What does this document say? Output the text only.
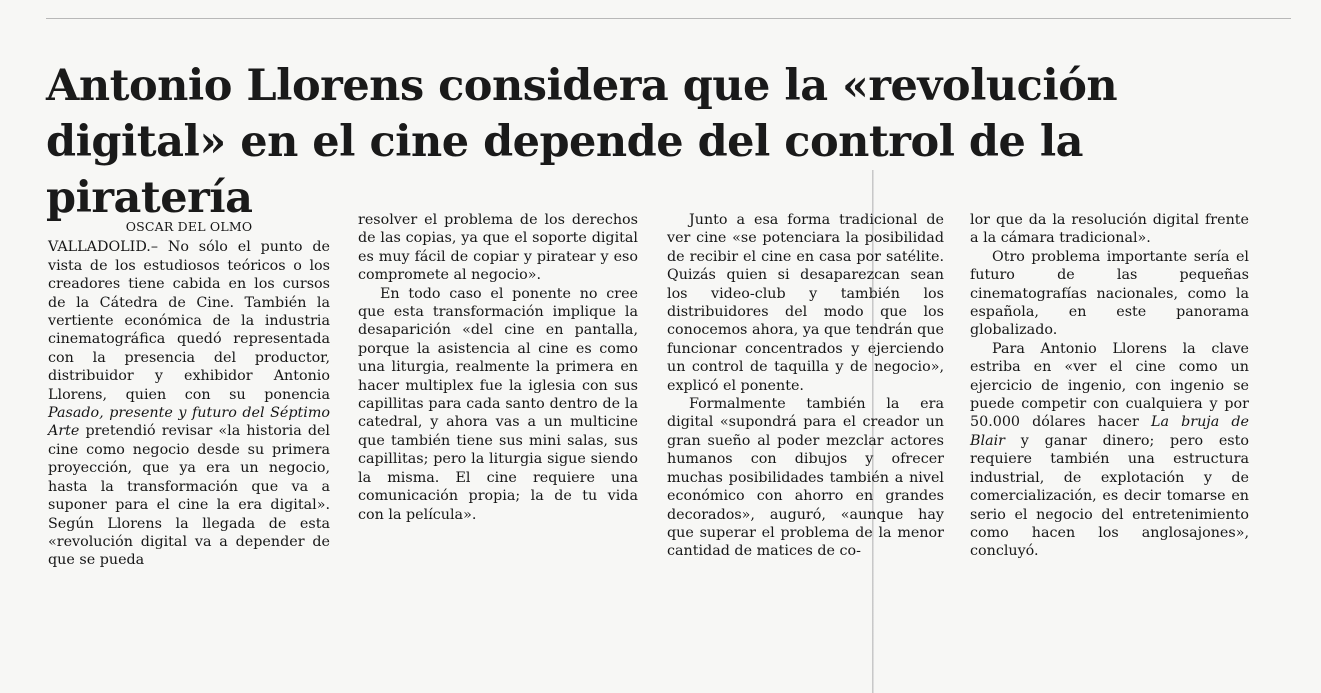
Antonio Llorens considera que la «revolución digital» en el cine depende del control de la piratería
OSCAR DEL OLMO

VALLADOLID.– No sólo el punto de vista de los estudiosos teóricos o los creadores tiene cabida en los cursos de la Cátedra de Cine. También la vertiente económica de la industria cinematográfica quedó representada con la presencia del productor, distribuidor y exhibidor Antonio Llorens, quien con su ponencia Pasado, presente y futuro del Séptimo Arte pretendió revisar «la historia del cine como negocio desde su primera proyección, que ya era un negocio, hasta la transformación que va a suponer para el cine la era digital». Según Llorens la llegada de esta «revolución digital va a depender de que se pueda

resolver el problema de los derechos de las copias, ya que el soporte digital es muy fácil de copiar y piratear y eso compromete al negocio».

En todo caso el ponente no cree que esta transformación implique la desaparición «del cine en pantalla, porque la asistencia al cine es como una liturgia, realmente la primera en hacer multiplex fue la iglesia con sus capillitas para cada santo dentro de la catedral, y ahora vas a un multicine que también tiene sus mini salas, sus capillitas; pero la liturgia sigue siendo la misma. El cine requiere una comunicación propia; la de tu vida con la película».

Junto a esa forma tradicional de ver cine «se potenciara la posibilidad de recibir el cine en casa por satélite. Quizás quien si desaparezcan sean los video-club y también los distribuidores del modo que los conocemos ahora, ya que tendrán que funcionar concentrados y ejerciendo un control de taquilla y de negocio», explicó el ponente.

Formalmente también la era digital «supondrá para el creador un gran sueño al poder mezclar actores humanos con dibujos y ofrecer muchas posibilidades también a nivel económico con ahorro en grandes decorados», auguró, «aunque hay que superar el problema de la menor cantidad de matices de co-

lor que da la resolución digital frente a la cámara tradicional».

Otro problema importante sería el futuro de las pequeñas cinematografías nacionales, como la española, en este panorama globalizado.

Para Antonio Llorens la clave estriba en «ver el cine como un ejercicio de ingenio, con ingenio se puede competir con cualquiera y por 50.000 dólares hacer La bruja de Blair y ganar dinero; pero esto requiere también una estructura industrial, de explotación y de comercialización, es decir tomarse en serio el negocio del entretenimiento como hacen los anglosajones», concluyó.
